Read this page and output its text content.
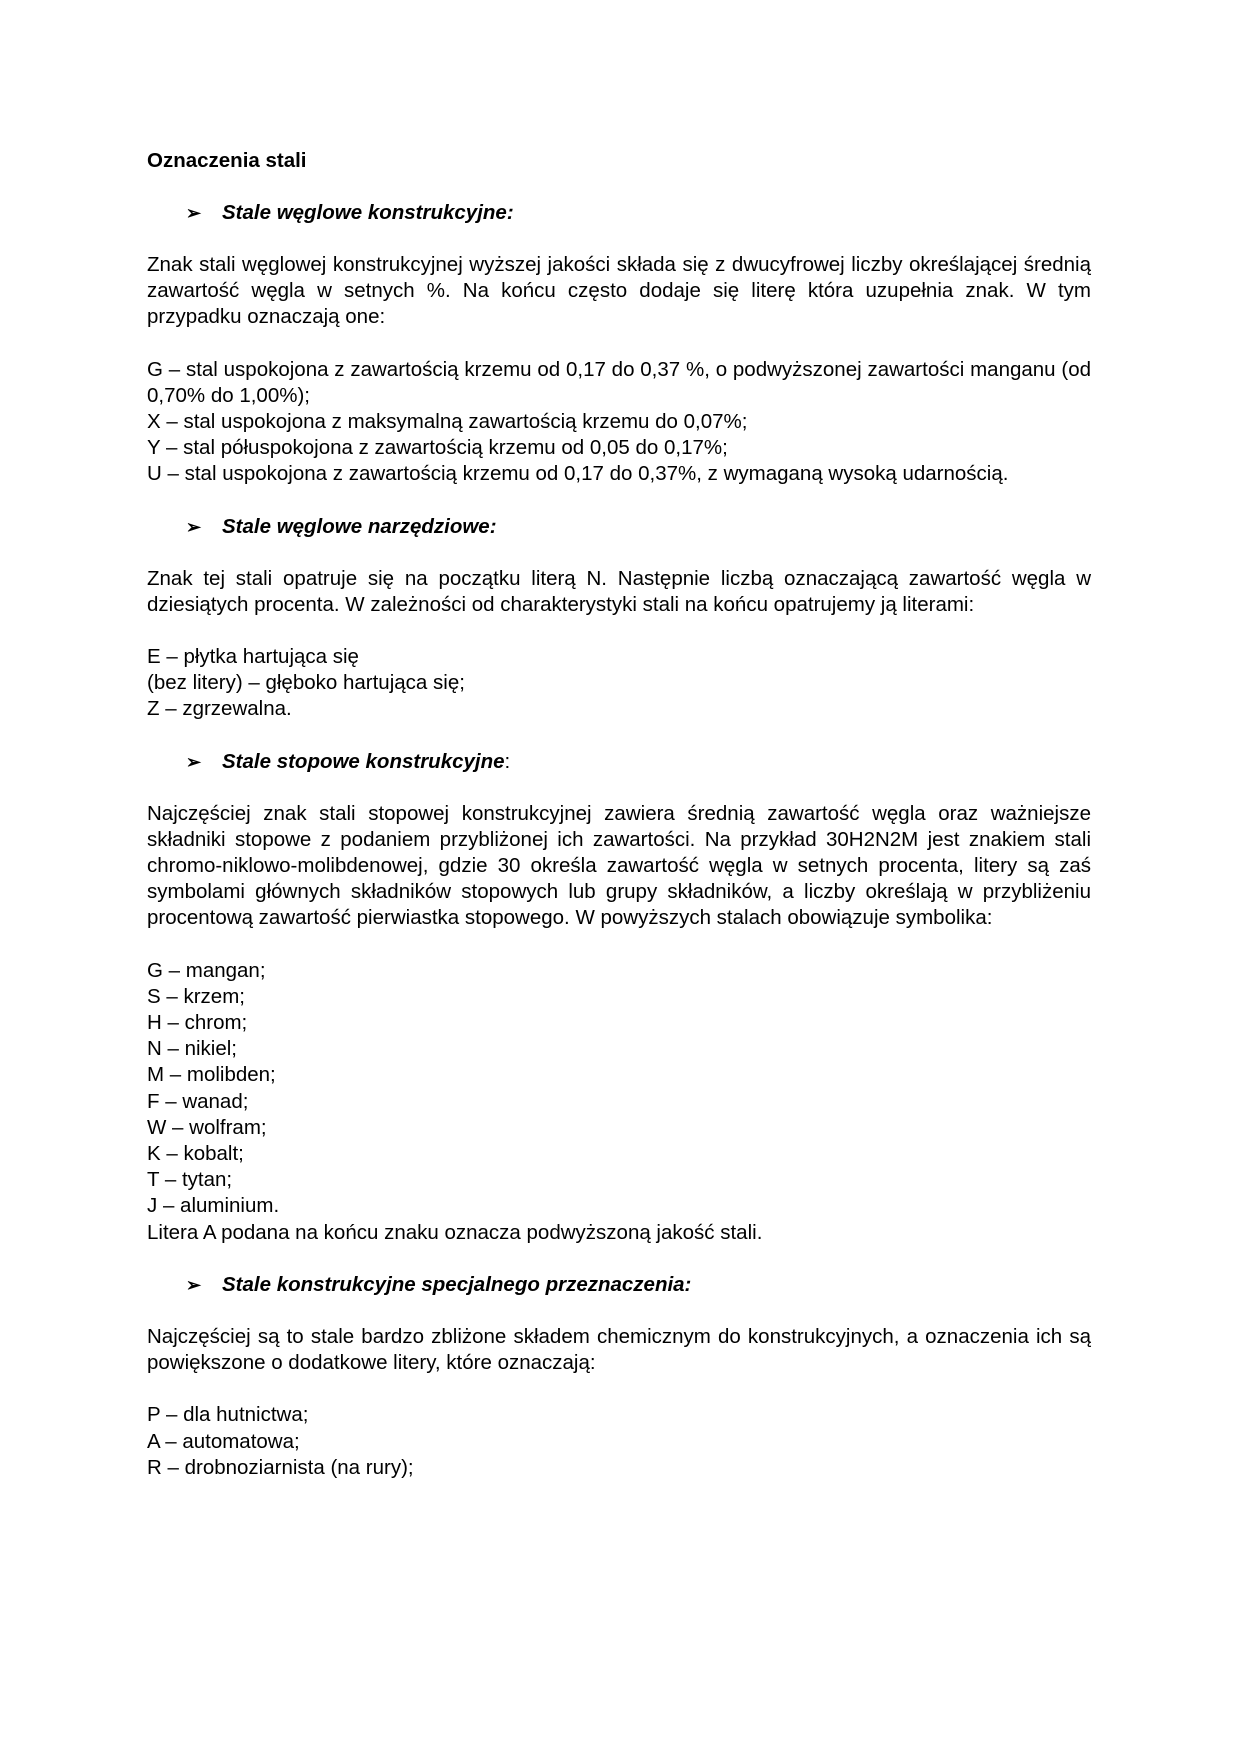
Oznaczenia stali

➢	Stale węglowe konstrukcyjne:

Znak stali węglowej konstrukcyjnej wyższej jakości składa się z dwucyfrowej liczby określającej średnią zawartość węgla w setnych %. Na końcu często dodaje się literę która uzupełnia znak. W tym przypadku oznaczają one:

G – stal uspokojona z zawartością krzemu od 0,17 do 0,37 %, o podwyższonej zawartości manganu (od 0,70% do 1,00%);

X – stal uspokojona z maksymalną zawartością krzemu do 0,07%;

Y – stal półuspokojona z zawartością krzemu od 0,05 do 0,17%;

U – stal uspokojona z zawartością krzemu od 0,17 do 0,37%, z wymaganą wysoką udarnością.

➢	Stale węglowe narzędziowe:

Znak tej stali opatruje się na początku literą N. Następnie liczbą oznaczającą zawartość węgla w dziesiątych procenta. W zależności od charakterystyki stali na końcu opatrujemy ją literami:

E – płytka hartująca się

(bez litery) – głęboko hartująca się;

Z – zgrzewalna.

➢	Stale stopowe konstrukcyjne :

Najczęściej znak stali stopowej konstrukcyjnej zawiera średnią zawartość węgla oraz ważniejsze składniki stopowe z podaniem przybliżonej ich zawartości. Na przykład 30H2N2M jest znakiem stali chromo-niklowo-molibdenowej, gdzie 30 określa zawartość węgla w setnych procenta, litery są zaś symbolami głównych składników stopowych lub grupy składników, a liczby określają w przybliżeniu procentową zawartość pierwiastka stopowego. W powyższych stalach obowiązuje symbolika:

G – mangan;

S – krzem;

H – chrom;

N – nikiel;

M – molibden;

F – wanad;

W – wolfram;

K – kobalt;

T – tytan;

J – aluminium.

Litera A podana na końcu znaku oznacza podwyższoną jakość stali.

➢	Stale konstrukcyjne specjalnego przeznaczenia:

Najczęściej są to stale bardzo zbliżone składem chemicznym do konstrukcyjnych, a oznaczenia ich są powiększone o dodatkowe litery, które oznaczają:

P – dla hutnictwa;

A – automatowa;

R – drobnoziarnista (na rury);
